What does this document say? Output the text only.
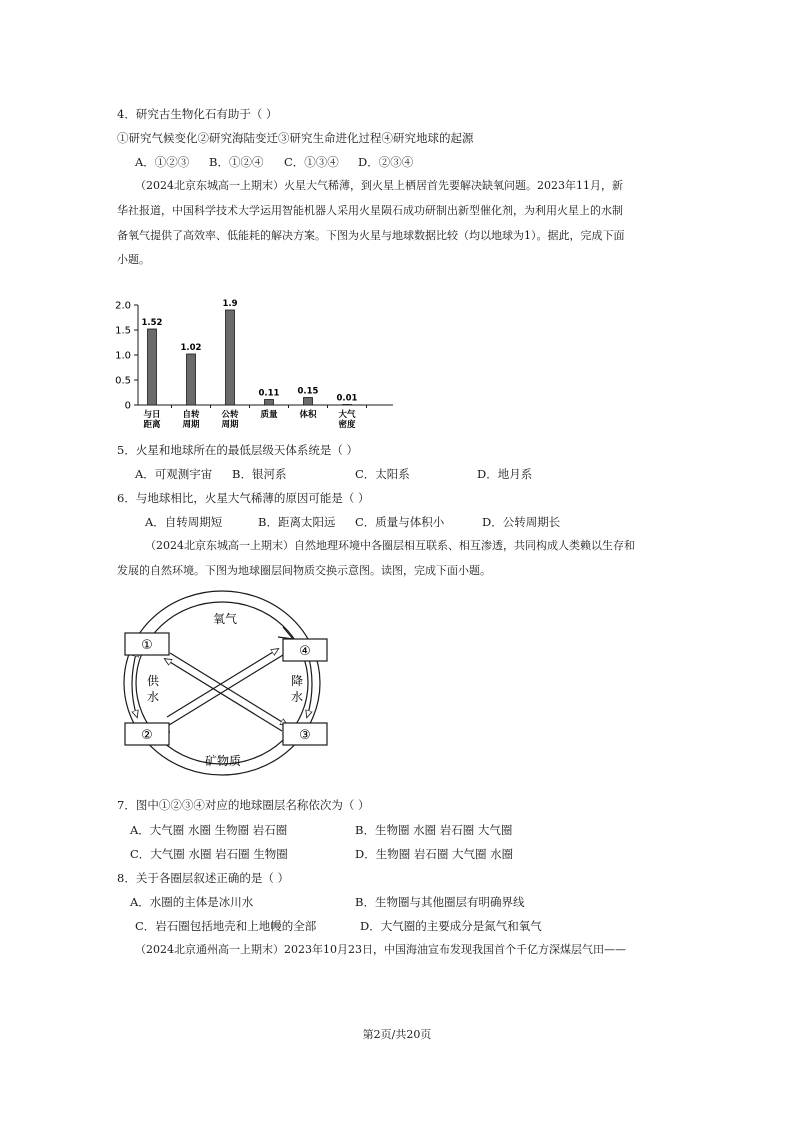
4．研究古生物化石有助于（ ）
①研究气候变化②研究海陆变迁③研究生命进化过程④研究地球的起源
A．①②③ B．①②④ C．①③④ D．②③④
（2024北京东城高一上期末）火星大气稀薄，到火星上栖居首先要解决缺氧问题。2023年11月，新
华社报道，中国科学技术大学运用智能机器人采用火星陨石成功研制出新型催化剂，为利用火星上的水制
备氧气提供了高效率、低能耗的解决方案。下图为火星与地球数据比较（均以地球为1）。据此，完成下面
小题。
0
0.5
1.0
1.5
2.0
1.52
与日
距离
1.02
自转
周期
1.9
公转
周期
0.11
质量
0.15
体积
0.01
大气
密度
5．火星和地球所在的最低层级天体系统是（ ）
A．可观测宇宙 B．银河系	C．太阳系	D．地月系
6．与地球相比，火星大气稀薄的原因可能是（ ）
A．自转周期短	B．距离太阳远 C．质量与体积小	D．公转周期长
（2024北京东城高一上期末）自然地理环境中各圈层相互联系、相互渗透，共同构成人类赖以生存和
发展的自然环境。下图为地球圈层间物质交换示意图。读图，完成下面小题。
①	④
②	③
氧气
矿物质
供
水
降
水
7．图中①②③④对应的地球圈层名称依次为（ ）
A．大气圈 水圈 生物圈 岩石圈	B．生物圈 水圈 岩石圈 大气圈
C．大气圈 水圈 岩石圈 生物圈	D．生物圈 岩石圈 大气圈 水圈
8．关于各圈层叙述正确的是（ ）
A．水圈的主体是冰川水	B．生物圈与其他圈层有明确界线
C．岩石圈包括地壳和上地幔的全部	D．大气圈的主要成分是氮气和氧气
（2024北京通州高一上期末）2023年10月23日，中国海油宣布发现我国首个千亿方深煤层气田——
第2页/共20页
